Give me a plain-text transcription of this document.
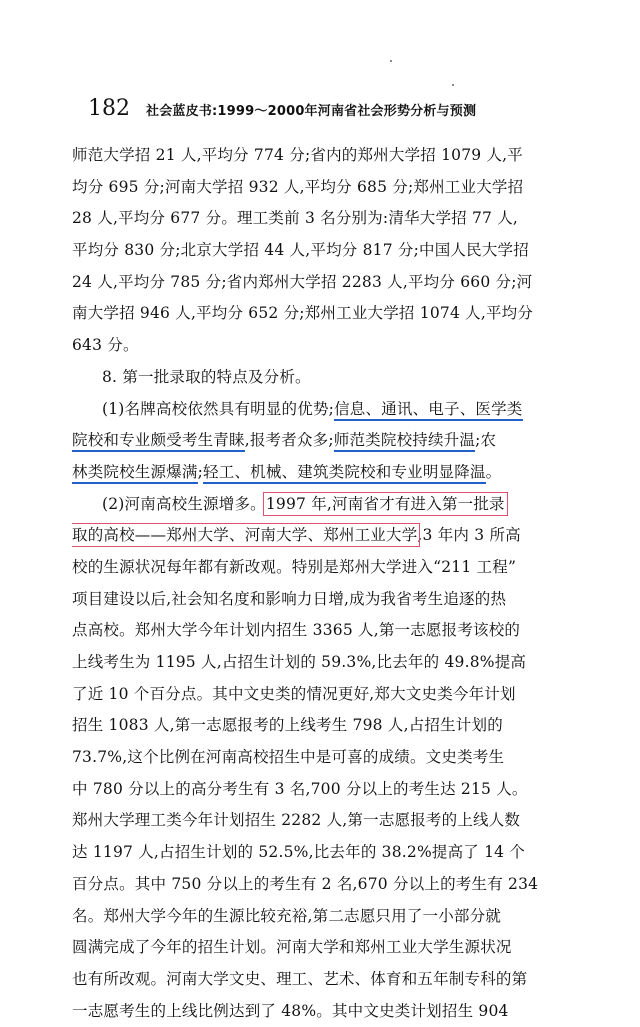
182 社会蓝皮书:1999～2000年河南省社会形势分析与预测
师范大学招 21 人,平均分 774 分;省内的郑州大学招 1079 人,平
均分 695 分;河南大学招 932 人,平均分 685 分;郑州工业大学招
28 人,平均分 677 分。理工类前 3 名分别为:清华大学招 77 人,
平均分 830 分;北京大学招 44 人,平均分 817 分;中国人民大学招
24 人,平均分 785 分;省内郑州大学招 2283 人,平均分 660 分;河
南大学招 946 人,平均分 652 分;郑州工业大学招 1074 人,平均分
643 分。
8. 第一批录取的特点及分析。
(1)名牌高校依然具有明显的优势;信息、通讯、电子、医学类
院校和专业颇受考生青睐,报考者众多;师范类院校持续升温;农
林类院校生源爆满;轻工、机械、建筑类院校和专业明显降温。
(2)河南高校生源增多。1997 年,河南省才有进入第一批录
取的高校——郑州大学、河南大学、郑州工业大学,3 年内 3 所高
校的生源状况每年都有新改观。特别是郑州大学进入“211 工程”
项目建设以后,社会知名度和影响力日增,成为我省考生追逐的热
点高校。郑州大学今年计划内招生 3365 人,第一志愿报考该校的
上线考生为 1195 人,占招生计划的 59.3%,比去年的 49.8%提高
了近 10 个百分点。其中文史类的情况更好,郑大文史类今年计划
招生 1083 人,第一志愿报考的上线考生 798 人,占招生计划的
73.7%,这个比例在河南高校招生中是可喜的成绩。文史类考生
中 780 分以上的高分考生有 3 名,700 分以上的考生达 215 人。
郑州大学理工类今年计划招生 2282 人,第一志愿报考的上线人数
达 1197 人,占招生计划的 52.5%,比去年的 38.2%提高了 14 个
百分点。其中 750 分以上的考生有 2 名,670 分以上的考生有 234
名。郑州大学今年的生源比较充裕,第二志愿只用了一小部分就
圆满完成了今年的招生计划。河南大学和郑州工业大学生源状况
也有所改观。河南大学文史、理工、艺术、体育和五年制专科的第
一志愿考生的上线比例达到了 48%。其中文史类计划招生 904
